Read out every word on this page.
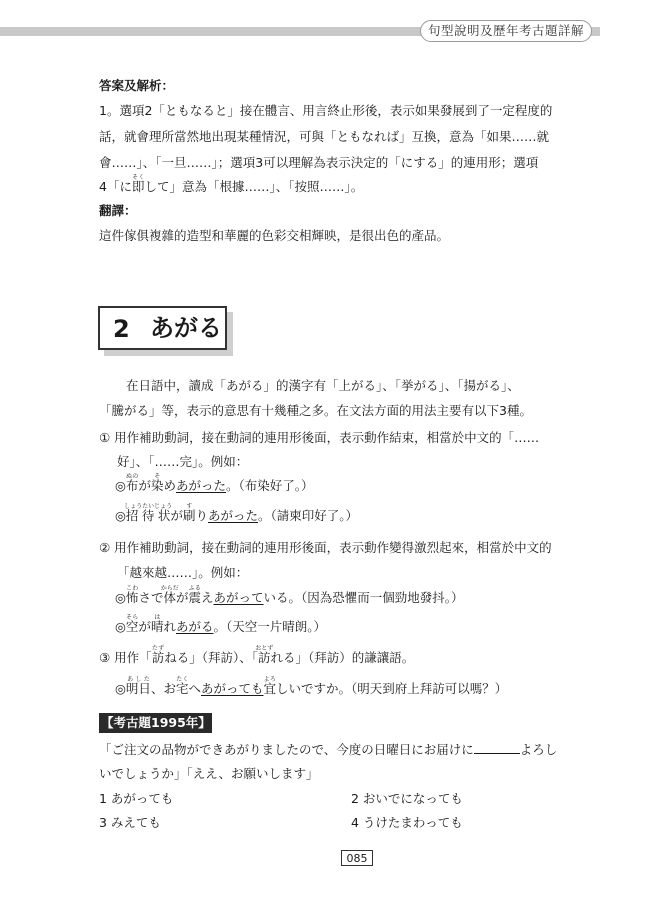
句型說明及歷年考古題詳解
答案及解析：
1。選項2「ともなると」接在體言、用言終止形後，表示如果發展到了一定程度的
話，就會理所當然地出現某種情況，可與「ともなれば」互換，意為「如果……就
會……」、「一旦……」；選項3可以理解為表示決定的「にする」的連用形；選項
4「に即そくして」意為「根據……」、「按照……」。
翻譯：
這件傢俱複雜的造型和華麗的色彩交相輝映，是很出色的產品。
2 あがる
在日語中，讀成「あがる」的漢字有「上がる」、「挙がる」、「揚がる」、
「騰がる」等，表示的意思有十幾種之多。在文法方面的用法主要有以下3種。
① 用作補助動詞，接在動詞的連用形後面，表示動作結束，相當於中文的「……
好」、「……完」。例如：
◎布ぬのが染そめあがった。（布染好了。）
◎招待状しょうたいじょうが刷すりあがった。（請柬印好了。）
② 用作補助動詞，接在動詞的連用形後面，表示動作變得激烈起來，相當於中文的
「越來越……」。例如：
◎怖こわさで体からだが震ふるえあがっている。（因為恐懼而一個勁地發抖。）
◎空そらが晴はれあがる。（天空一片晴朗。）
③ 用作「訪たずねる」（拜訪）、「訪おとずれる」（拜訪）的謙讓語。
◎明日あした、お宅たくへあがっても宜よろしいですか。（明天到府上拜訪可以嗎？）
【考古題1995年】
「ご注文の品物ができあがりましたので、今度の日曜日にお届けに	よろし
いでしょうか」「ええ、お願いします」
1 あがっても	2 おいでになっても
3 みえても	4 うけたまわっても
085
